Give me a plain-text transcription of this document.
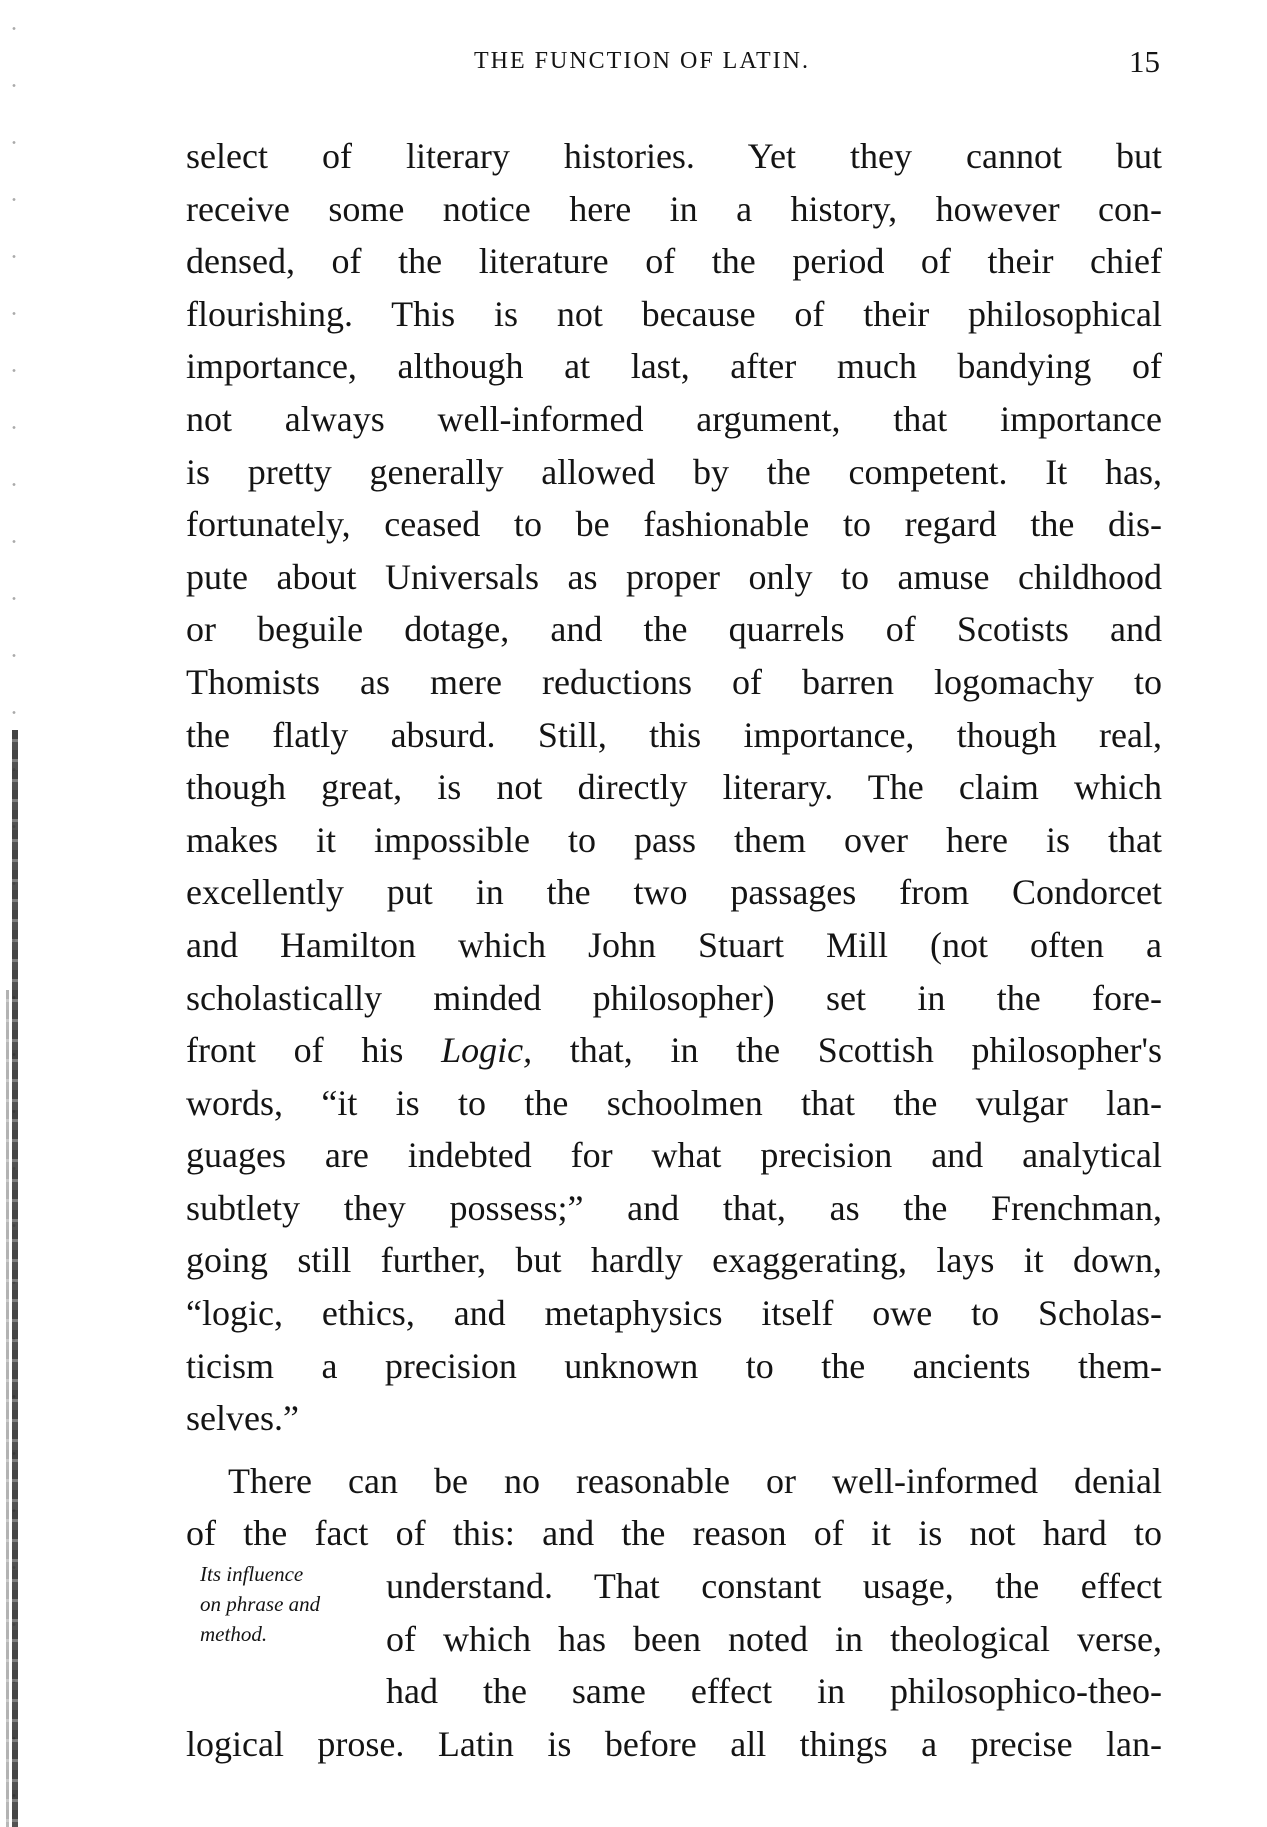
THE FUNCTION OF LATIN.	15
select of literary histories. Yet they cannot but
receive some notice here in a history, however con-
densed, of the literature of the period of their chief
flourishing. This is not because of their philosophical
importance, although at last, after much bandying of
not always well-informed argument, that importance
is pretty generally allowed by the competent. It has,
fortunately, ceased to be fashionable to regard the dis-
pute about Universals as proper only to amuse childhood
or beguile dotage, and the quarrels of Scotists and
Thomists as mere reductions of barren logomachy to
the flatly absurd. Still, this importance, though real,
though great, is not directly literary. The claim which
makes it impossible to pass them over here is that
excellently put in the two passages from Condorcet
and Hamilton which John Stuart Mill (not often a
scholastically minded philosopher) set in the fore-
front of his Logic, that, in the Scottish philosopher's
words, “it is to the schoolmen that the vulgar lan-
guages are indebted for what precision and analytical
subtlety they possess;” and that, as the Frenchman,
going still further, but hardly exaggerating, lays it down,
“logic, ethics, and metaphysics itself owe to Scholas-
ticism a precision unknown to the ancients them-
selves.”
There can be no reasonable or well-informed denial
of the fact of this: and the reason of it is not hard to
understand. That constant usage, the effect
of which has been noted in theological verse,
had the same effect in philosophico-theo-
logical prose. Latin is before all things a precise lan-
Its influence
on phrase and
method.
